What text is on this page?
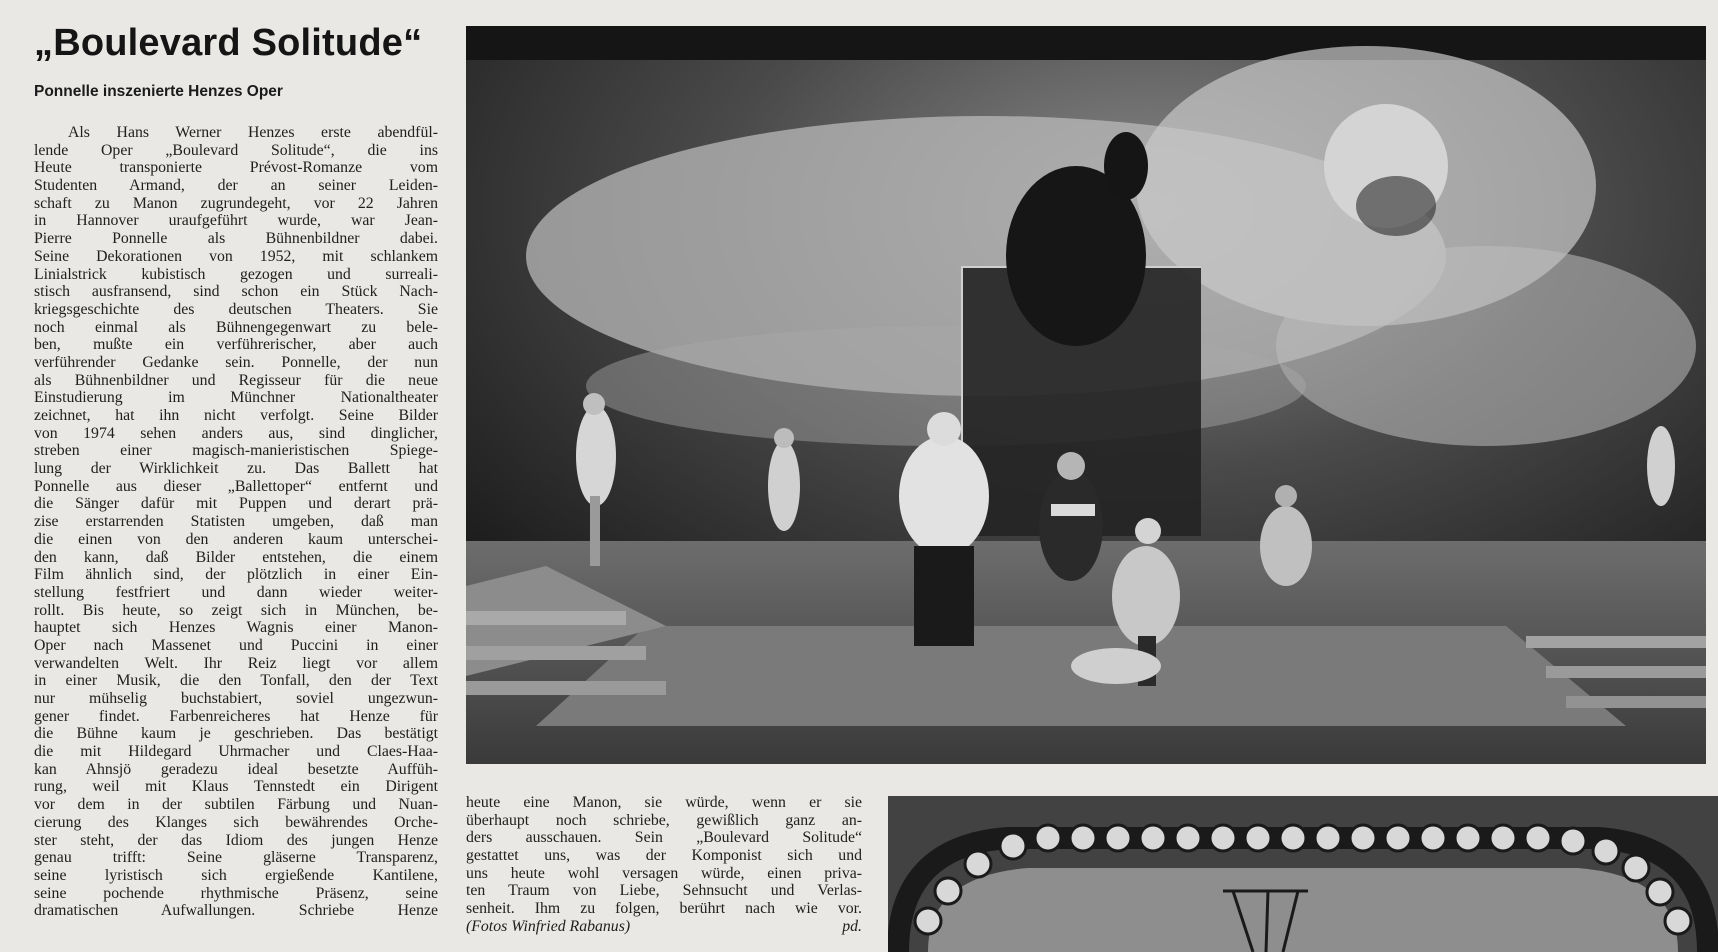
„Boulevard Solitude“
Ponnelle inszenierte Henzes Oper
Als Hans Werner Henzes erste abendfül-
lende Oper „Boulevard Solitude“, die ins
Heute transponierte Prévost-Romanze vom
Studenten Armand, der an seiner Leiden-
schaft zu Manon zugrundegeht, vor 22 Jahren
in Hannover uraufgeführt wurde, war Jean-
Pierre Ponnelle als Bühnenbildner dabei.
Seine Dekorationen von 1952, mit schlankem
Linialstrick kubistisch gezogen und surreali-
stisch ausfransend, sind schon ein Stück Nach-
kriegsgeschichte des deutschen Theaters. Sie
noch einmal als Bühnengegenwart zu bele-
ben, mußte ein verführerischer, aber auch
verführender Gedanke sein. Ponnelle, der nun
als Bühnenbildner und Regisseur für die neue
Einstudierung im Münchner Nationaltheater
zeichnet, hat ihn nicht verfolgt. Seine Bilder
von 1974 sehen anders aus, sind dinglicher,
streben einer magisch-manieristischen Spiege-
lung der Wirklichkeit zu. Das Ballett hat
Ponnelle aus dieser „Ballettoper“ entfernt und
die Sänger dafür mit Puppen und derart prä-
zise erstarrenden Statisten umgeben, daß man
die einen von den anderen kaum unterschei-
den kann, daß Bilder entstehen, die einem
Film ähnlich sind, der plötzlich in einer Ein-
stellung festfriert und dann wieder weiter-
rollt. Bis heute, so zeigt sich in München, be-
hauptet sich Henzes Wagnis einer Manon-
Oper nach Massenet und Puccini in einer
verwandelten Welt. Ihr Reiz liegt vor allem
in einer Musik, die den Tonfall, den der Text
nur mühselig buchstabiert, soviel ungezwun-
gener findet. Farbenreicheres hat Henze für
die Bühne kaum je geschrieben. Das bestätigt
die mit Hildegard Uhrmacher und Claes-Haa-
kan Ahnsjö geradezu ideal besetzte Auffüh-
rung, weil mit Klaus Tennstedt ein Dirigent
vor dem in der subtilen Färbung und Nuan-
cierung des Klanges sich bewährendes Orche-
ster steht, der das Idiom des jungen Henze
genau trifft: Seine gläserne Transparenz,
seine lyristisch sich ergießende Kantilene,
seine pochende rhythmische Präsenz, seine
dramatischen Aufwallungen. Schriebe Henze
heute eine Manon, sie würde, wenn er sie
überhaupt noch schriebe, gewißlich ganz an-
ders ausschauen. Sein „Boulevard Solitude“
gestattet uns, was der Komponist sich und
uns heute wohl versagen würde, einen priva-
ten Traum von Liebe, Sehnsucht und Verlas-
senheit. Ihm zu folgen, berührt nach wie vor.
(Fotos Winfried Rabanus)	pd.
